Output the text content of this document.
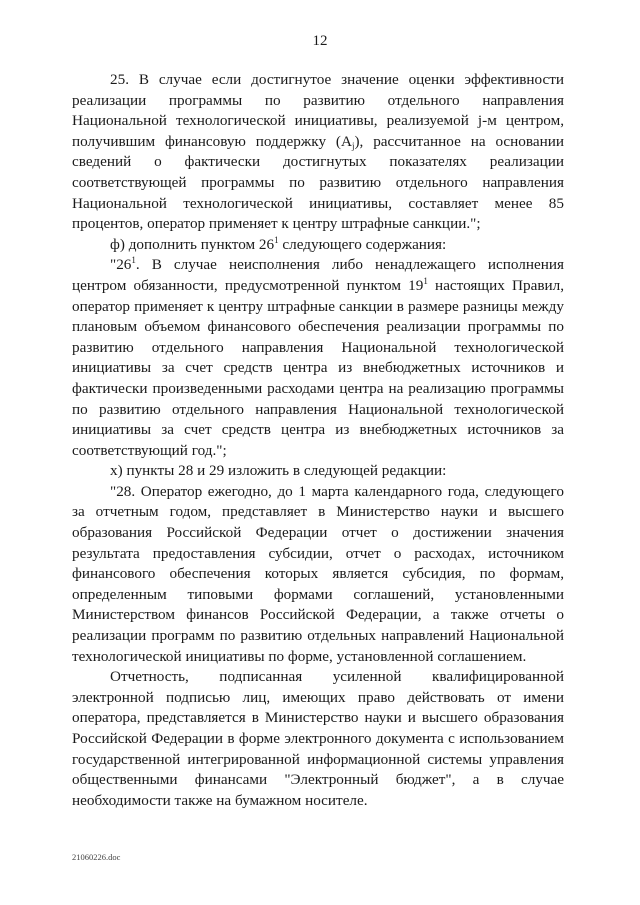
12

25. В случае если достигнутое значение оценки эффективности реализации программы по развитию отдельного направления Национальной технологической инициативы, реализуемой j-м центром, получившим финансовую поддержку $(A_j)$, рассчитанное на основании сведений о фактически достигнутых показателях реализации соответствующей программы по развитию отдельного направления Национальной технологической инициативы, составляет менее 85 процентов, оператор применяет к центру штрафные санкции.";

ф) дополнить пунктом $26^1$ следующего содержания:

"$26^1$. В случае неисполнения либо ненадлежащего исполнения центром обязанности, предусмотренной пунктом $19^1$ настоящих Правил, оператор применяет к центру штрафные санкции в размере разницы между плановым объемом финансового обеспечения реализации программы по развитию отдельного направления Национальной технологической инициативы за счет средств центра из внебюджетных источников и фактически произведенными расходами центра на реализацию программы по развитию отдельного направления Национальной технологической инициативы за счет средств центра из внебюджетных источников за соответствующий год.";

х) пункты 28 и 29 изложить в следующей редакции:

"28. Оператор ежегодно, до 1 марта календарного года, следующего за отчетным годом, представляет в Министерство науки и высшего образования Российской Федерации отчет о достижении значения результата предоставления субсидии, отчет о расходах, источником финансового обеспечения которых является субсидия, по формам, определенным типовыми формами соглашений, установленными Министерством финансов Российской Федерации, а также отчеты о реализации программ по развитию отдельных направлений Национальной технологической инициативы по форме, установленной соглашением.

Отчетность, подписанная усиленной квалифицированной электронной подписью лиц, имеющих право действовать от имени оператора, представляется в Министерство науки и высшего образования Российской Федерации в форме электронного документа с использованием государственной интегрированной информационной системы управления общественными финансами "Электронный бюджет", а в случае необходимости также на бумажном носителе.

21060226.doc
